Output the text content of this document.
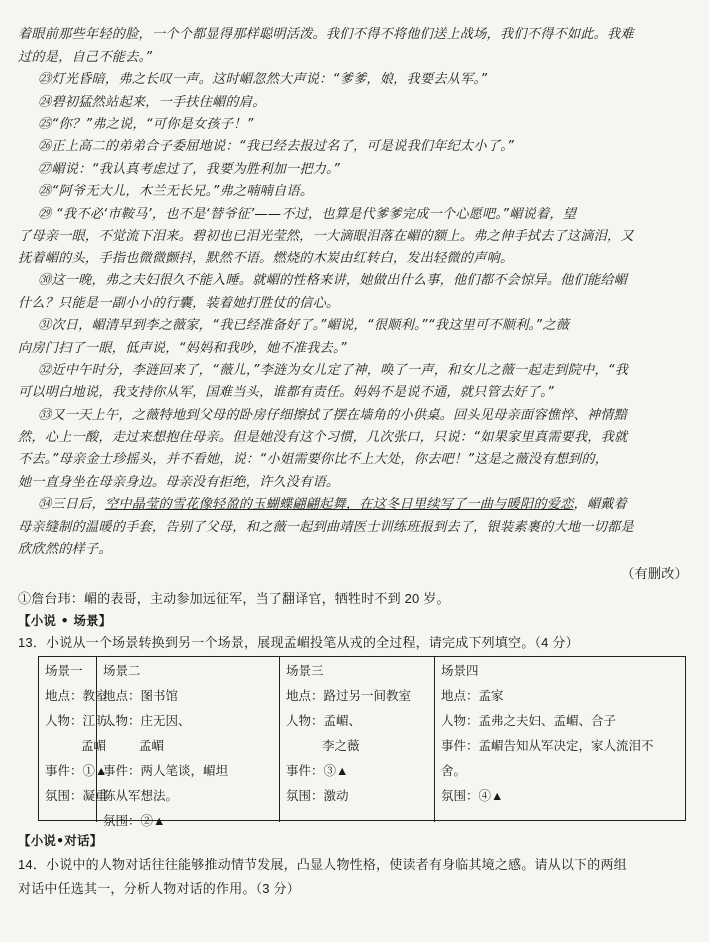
着眼前那些年轻的脸，一个个都显得那样聪明活泼。我们不得不将他们送上战场，我们不得不如此。我难
过的是，自己不能去。”
㉓灯光昏暗，弗之长叹一声。这时嵋忽然大声说：“爹爹，娘，我要去从军。”
㉔碧初猛然站起来，一手扶住嵋的肩。
㉕“你？”弗之说，“可你是女孩子！”
㉖正上高二的弟弟合子委屈地说：“我已经去报过名了，可是说我们年纪太小了。”
㉗嵋说：“我认真考虑过了，我要为胜利加一把力。”
㉘“阿爷无大儿，木兰无长兄。”弗之喃喃自语。
㉙ “我不必‘市鞍马’，也不是‘替爷征’——不过，也算是代爹爹完成一个心愿吧。”嵋说着，望
了母亲一眼，不觉流下泪来。碧初也已泪光莹然，一大滴眼泪落在嵋的额上。弗之伸手拭去了这滴泪，又
抚着嵋的头，手指也微微颤抖，默然不语。燃烧的木炭由红转白，发出轻微的声响。
㉚这一晚，弗之夫妇很久不能入睡。就嵋的性格来讲，她做出什么事，他们都不会惊异。他们能给嵋
什么？只能是一副小小的行囊，装着她打胜仗的信心。
㉛次日，嵋清早到李之薇家，“我已经准备好了。”嵋说，“很顺利。”“我这里可不顺利。”之薇
向房门扫了一眼，低声说，“妈妈和我吵，她不准我去。”
㉜近中午时分，李涟回来了，“薇儿，”李涟为女儿定了神，唤了一声，和女儿之薇一起走到院中，“我
可以明白地说，我支持你从军，国难当头，谁都有责任。妈妈不是说不通，就只管去好了。”
㉝又一天上午，之薇特地到父母的卧房仔细擦拭了摆在墙角的小供桌。回头见母亲面容憔悴、神情黯
然，心上一酸，走过来想抱住母亲。但是她没有这个习惯，几次张口，只说：“如果家里真需要我，我就
不去。”母亲金士珍摇头，并不看她，说：“小姐需要你比不上大处，你去吧！”这是之薇没有想到的，
她一直身坐在母亲身边。母亲没有拒绝，许久没有语。
㉞三日后，空中晶莹的雪花像轻盈的玉蝴蝶翩翩起舞，在这冬日里续写了一曲与暖阳的爱恋，嵋戴着
母亲缝制的温暖的手套，告别了父母，和之薇一起到曲靖医士训练班报到去了，银装素裹的大地一切都是
欣欣然的样子。
（有删改）
①詹台玮：嵋的表哥，主动参加远征军，当了翻译官，牺牲时不到 20 岁。
【小说 • 场景】
13．小说从一个场景转换到另一个场景，展现孟嵋投笔从戎的全过程，请完成下列填空。（4 分）
场景一
地点：教室
人物：江昉、
孟嵋
事件：①▲
氛围：凝重
场景二
地点：图书馆
人物：庄无因、
孟嵋
事件：两人笔谈，嵋坦
陈从军想法。
氛围：②▲
场景三
地点：路过另一间教室
人物：孟嵋、
李之薇
事件：③▲
氛围：激动
场景四
地点：孟家
人物：孟弗之夫妇、孟嵋、合子
事件：孟嵋告知从军决定，家人流泪不
舍。
氛围：④▲
【小说•对话】
14．小说中的人物对话往往能够推动情节发展，凸显人物性格，使读者有身临其境之感。请从以下的两组
对话中任选其一，分析人物对话的作用。（3 分）
